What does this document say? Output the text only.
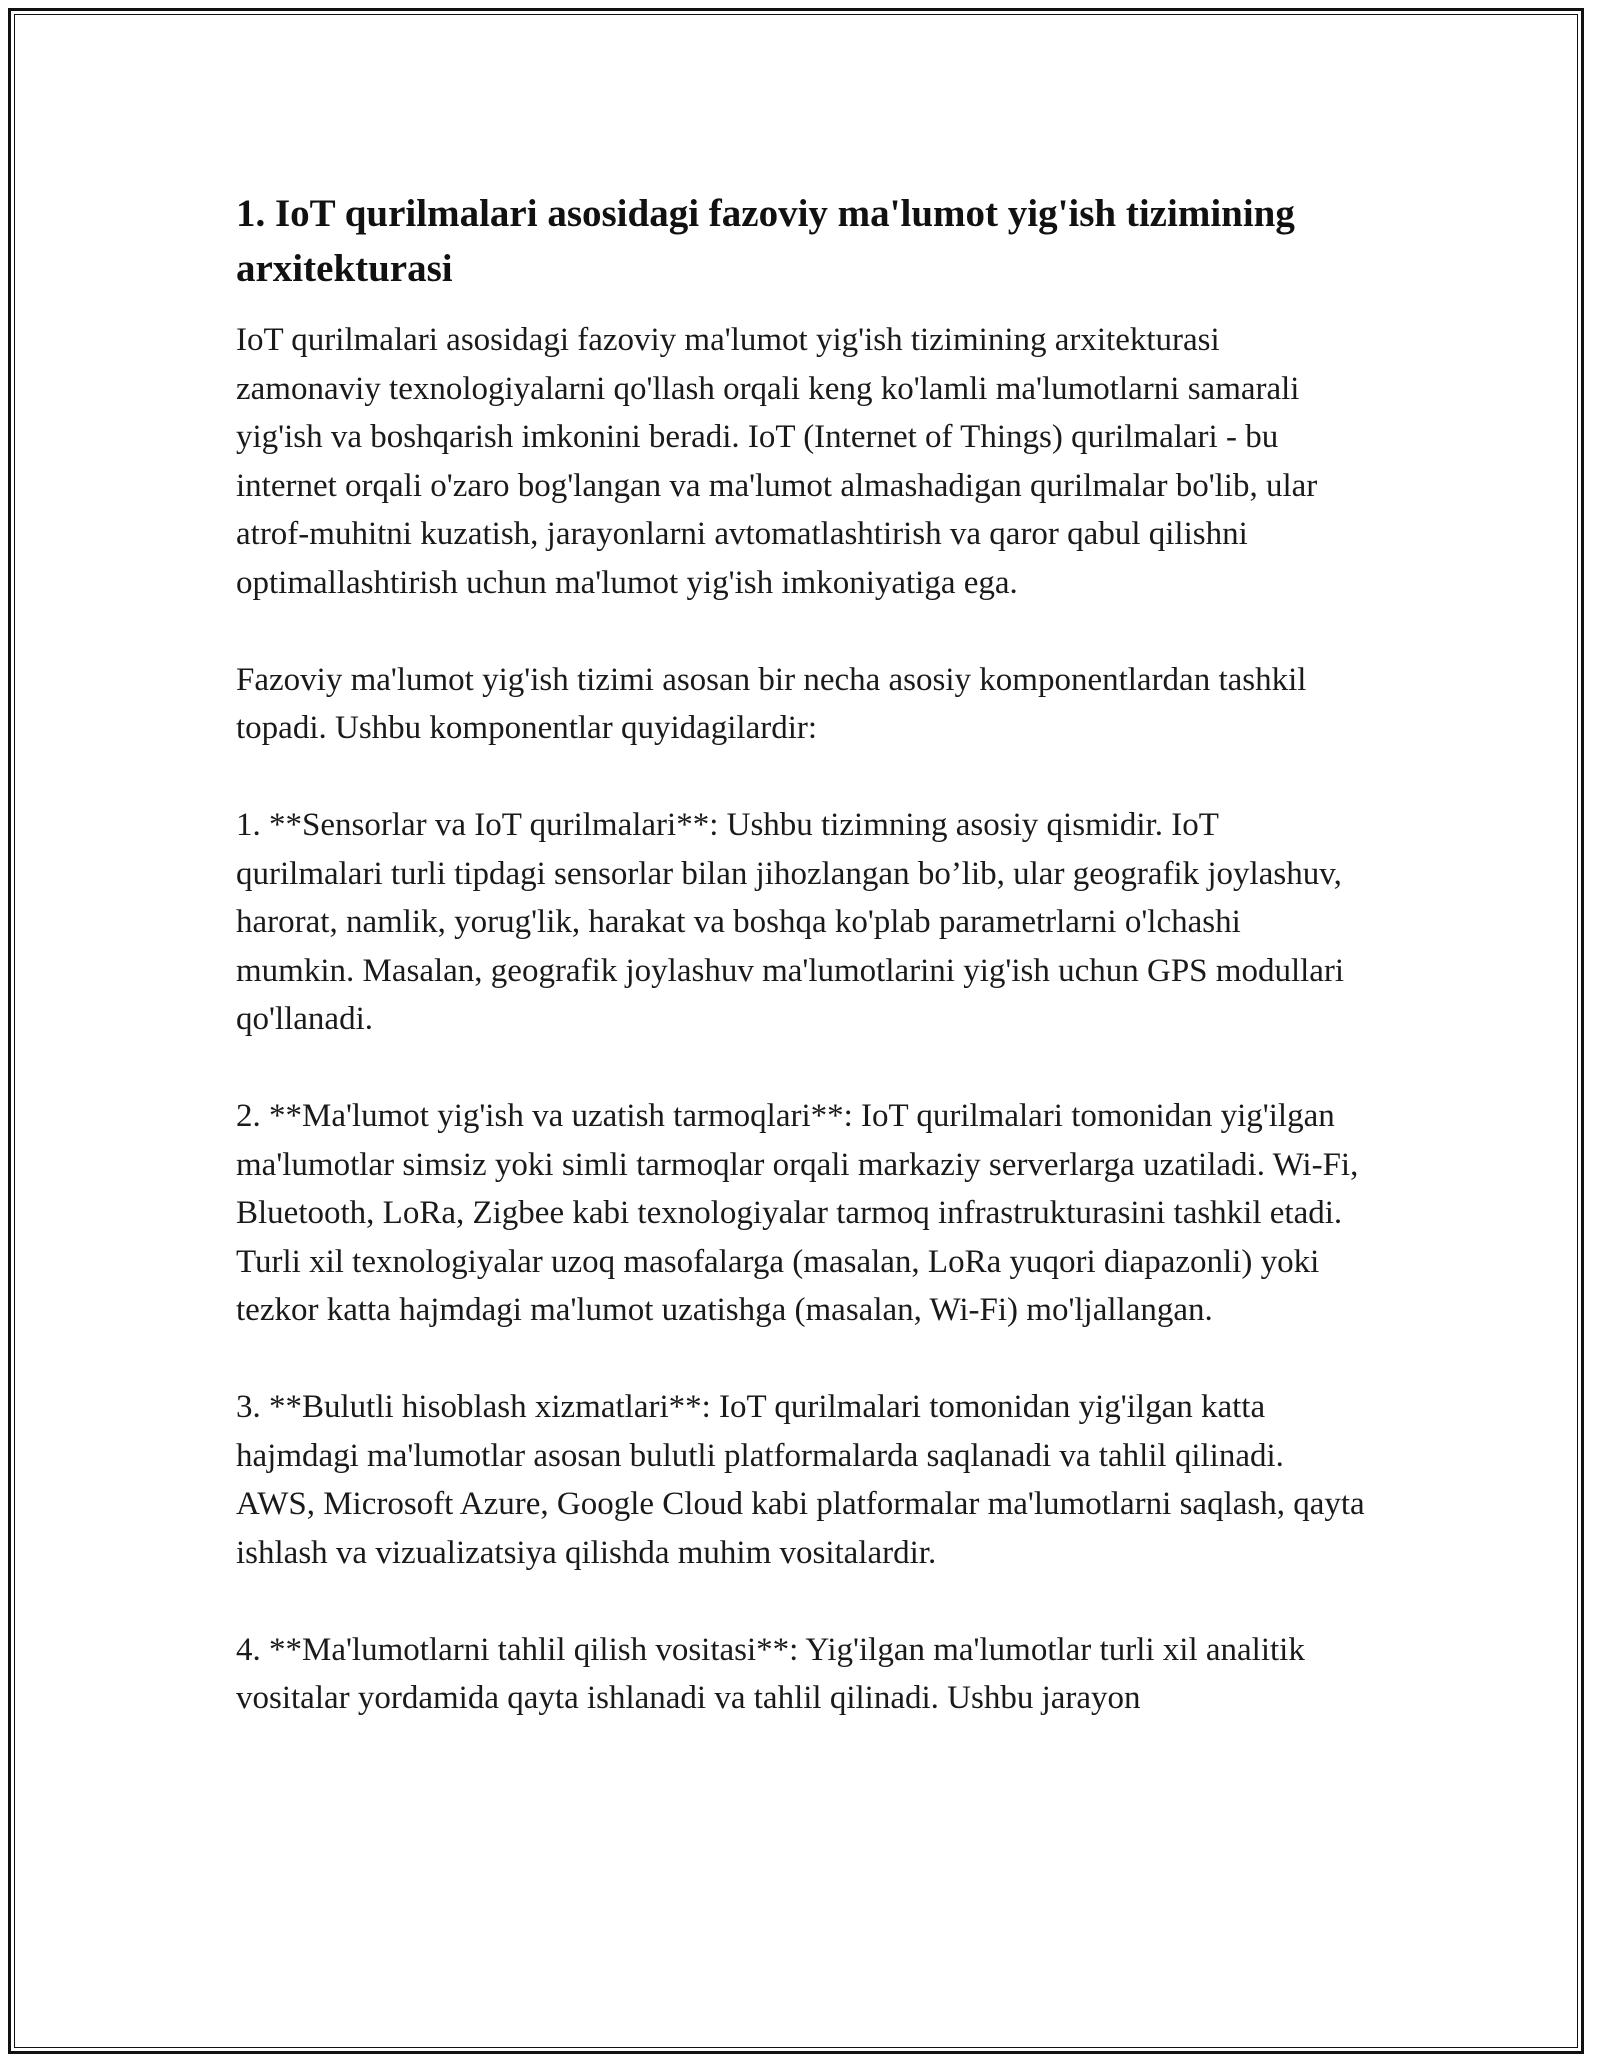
1. IoT qurilmalari asosidagi fazoviy ma'lumot yig'ish tizimining arxitekturasi

IoT qurilmalari asosidagi fazoviy ma'lumot yig'ish tizimining arxitekturasi zamonaviy texnologiyalarni qo'llash orqali keng ko'lamli ma'lumotlarni samarali yig'ish va boshqarish imkonini beradi. IoT (Internet of Things) qurilmalari - bu internet orqali o'zaro bog'langan va ma'lumot almashadigan qurilmalar bo'lib, ular atrof-muhitni kuzatish, jarayonlarni avtomatlashtirish va qaror qabul qilishni optimallashtirish uchun ma'lumot yig'ish imkoniyatiga ega.

Fazoviy ma'lumot yig'ish tizimi asosan bir necha asosiy komponentlardan tashkil topadi. Ushbu komponentlar quyidagilardir:

1. **Sensorlar va IoT qurilmalari**: Ushbu tizimning asosiy qismidir. IoT qurilmalari turli tipdagi sensorlar bilan jihozlangan bo’lib, ular geografik joylashuv, harorat, namlik, yorug'lik, harakat va boshqa ko'plab parametrlarni o'lchashi mumkin. Masalan, geografik joylashuv ma'lumotlarini yig'ish uchun GPS modullari qo'llanadi.

2. **Ma'lumot yig'ish va uzatish tarmoqlari**: IoT qurilmalari tomonidan yig'ilgan ma'lumotlar simsiz yoki simli tarmoqlar orqali markaziy serverlarga uzatiladi. Wi-Fi, Bluetooth, LoRa, Zigbee kabi texnologiyalar tarmoq infrastrukturasini tashkil etadi. Turli xil texnologiyalar uzoq masofalarga (masalan, LoRa yuqori diapazonli) yoki tezkor katta hajmdagi ma'lumot uzatishga (masalan, Wi-Fi) mo'ljallangan.

3. **Bulutli hisoblash xizmatlari**: IoT qurilmalari tomonidan yig'ilgan katta hajmdagi ma'lumotlar asosan bulutli platformalarda saqlanadi va tahlil qilinadi. AWS, Microsoft Azure, Google Cloud kabi platformalar ma'lumotlarni saqlash, qayta ishlash va vizualizatsiya qilishda muhim vositalardir.

4. **Ma'lumotlarni tahlil qilish vositasi**: Yig'ilgan ma'lumotlar turli xil analitik vositalar yordamida qayta ishlanadi va tahlil qilinadi. Ushbu jarayon
